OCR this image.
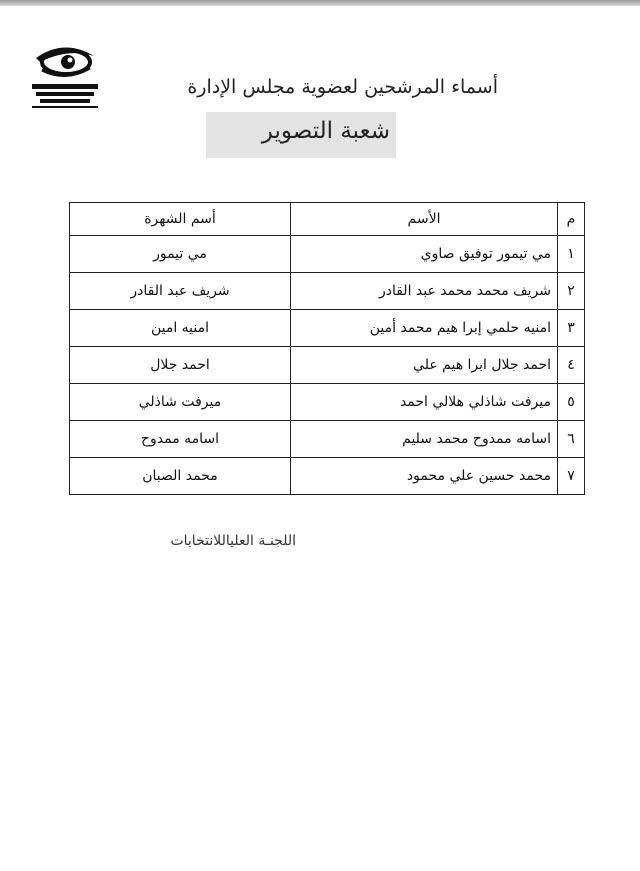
أسماء المرشحين لعضوية مجلس الإدارة
شعبة التصوير
م	الأسم	أسم الشهرة
١	مي تيمور توفيق صاوي	مي تيمور
٢	شريف محمد محمد عبد القادر	شريف عبد القادر
٣	امنيه حلمي إبرا هيم محمد أمين	امنيه امين
٤	احمد جلال ابرا هيم علي	احمد جلال
٥	ميرفت شاذلي هلالي احمد	ميرفت شاذلي
٦	اسامه ممدوح محمد سليم	اسامه ممدوح
٧	محمد حسين علي محمود	محمد الصبان
اللجنـة العلياللانتخابات
